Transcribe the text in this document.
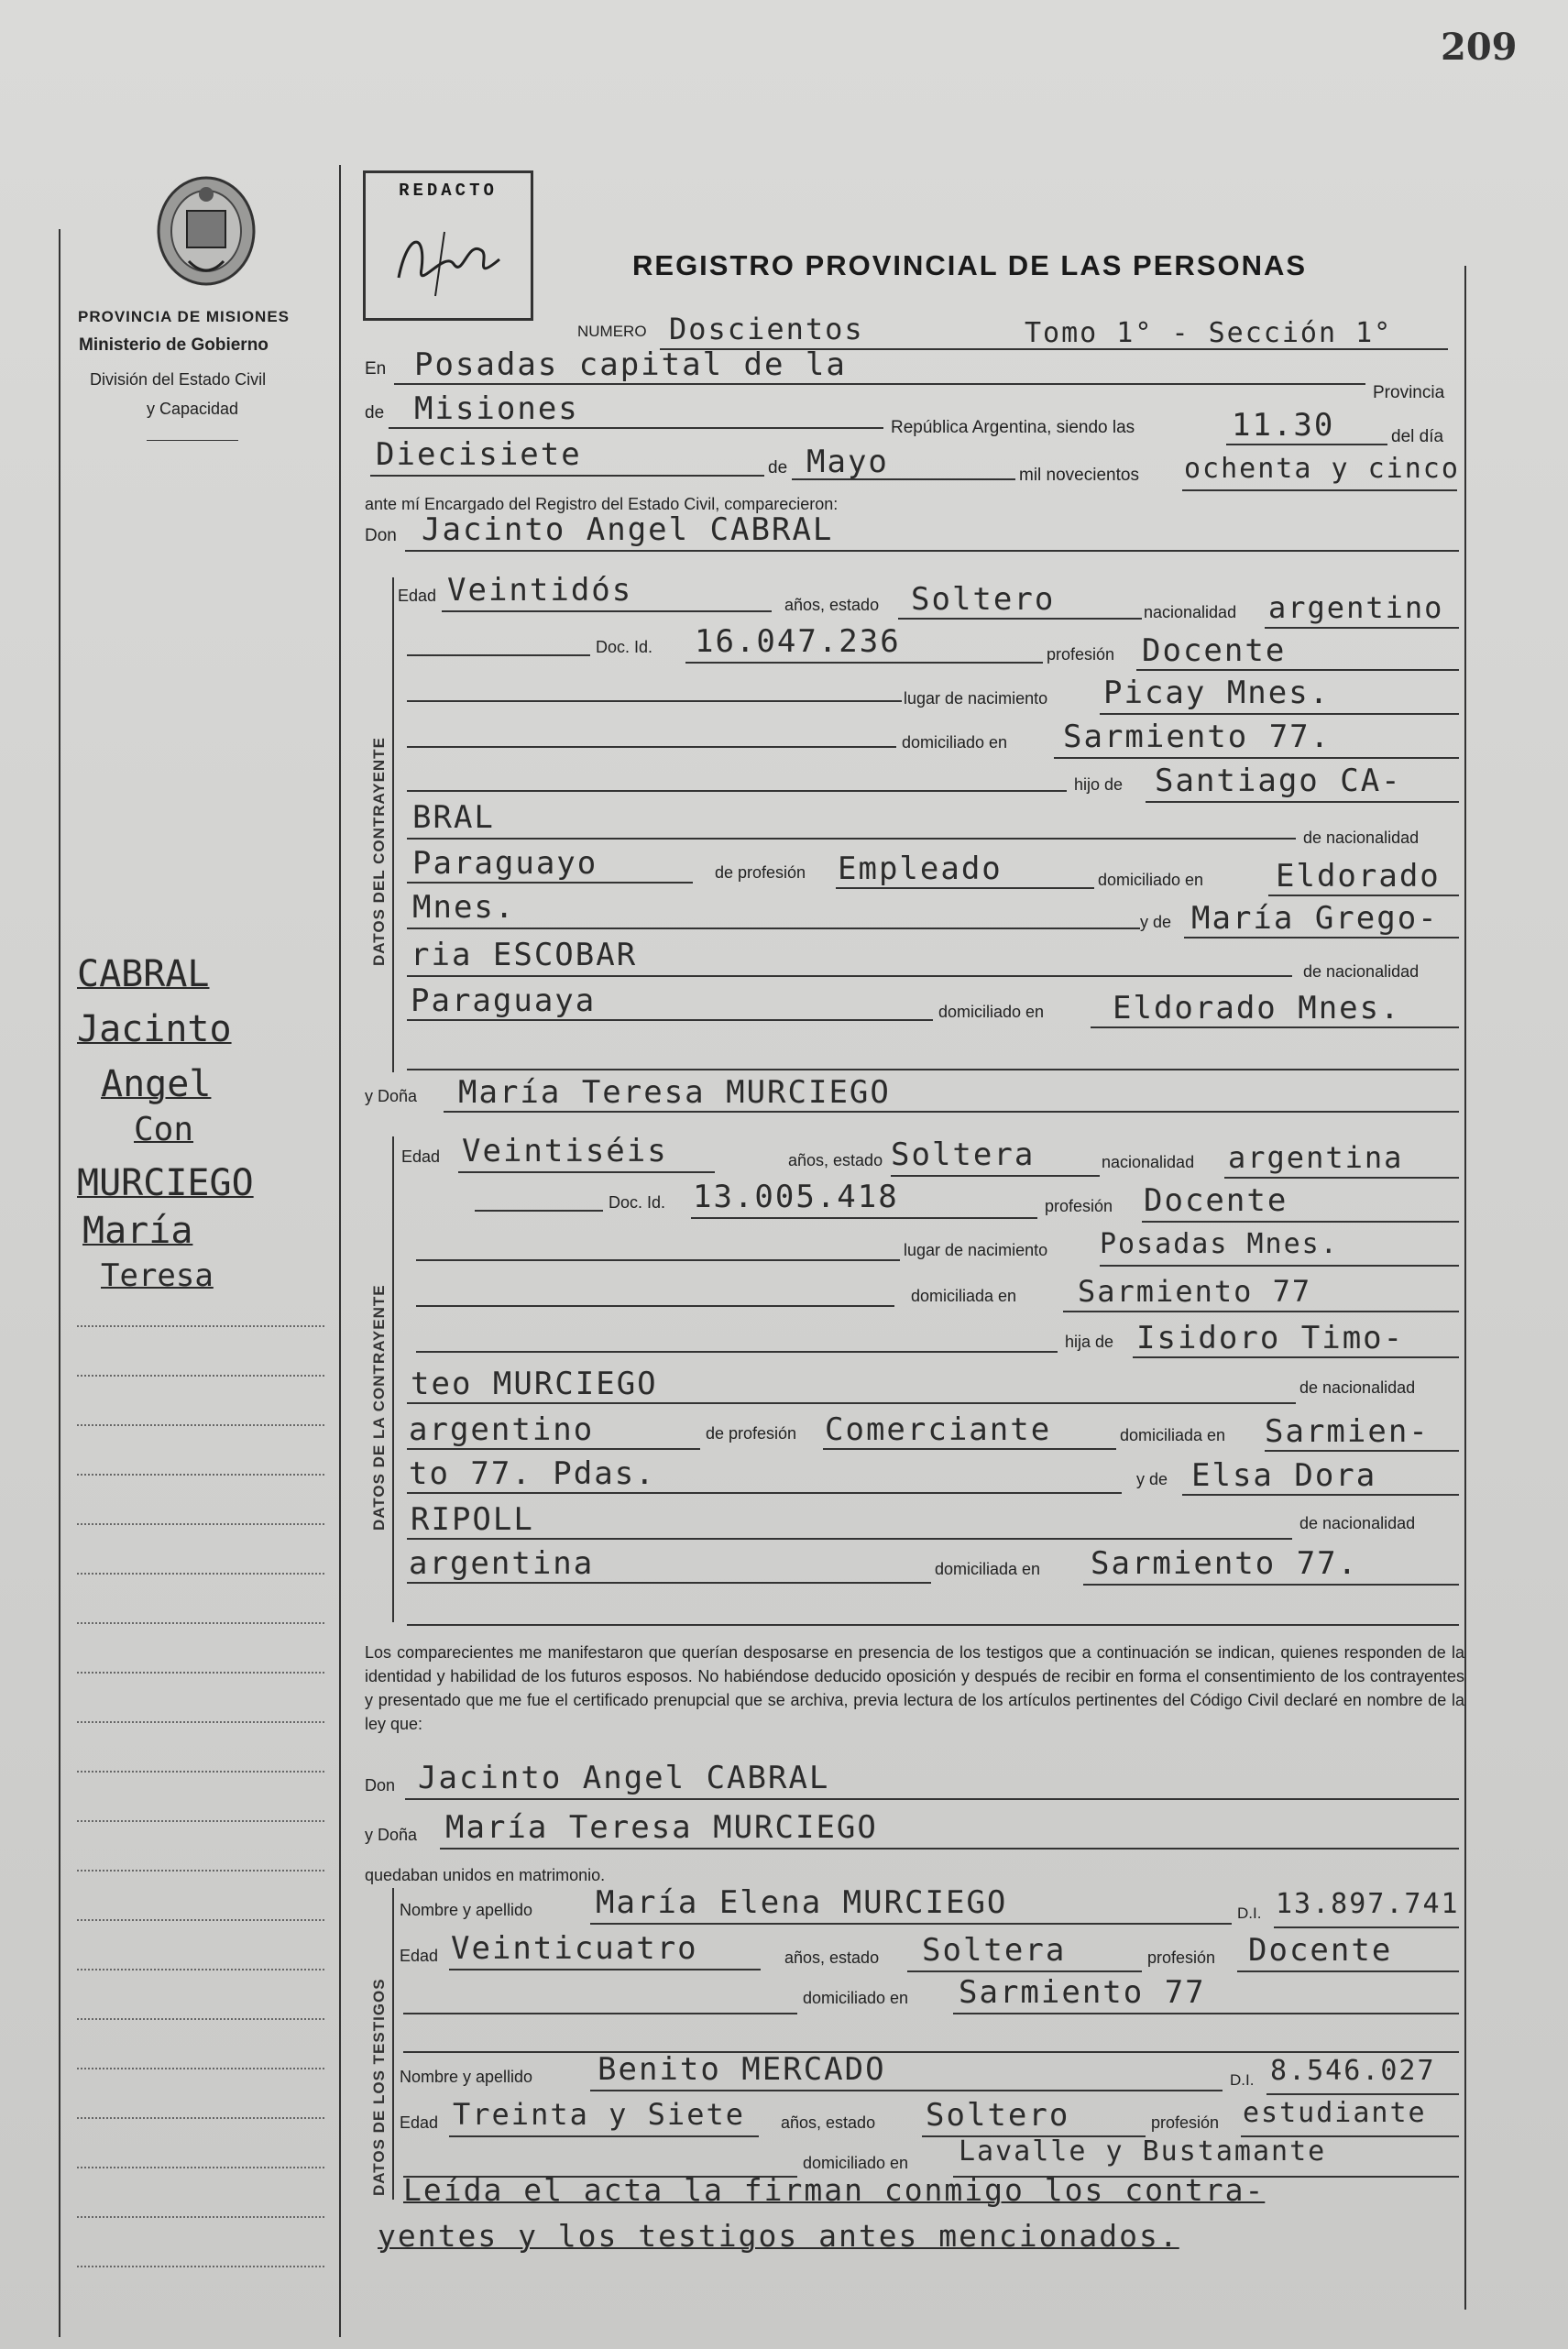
209
PROVINCIA DE MISIONES
Ministerio de Gobierno
División del Estado Civil
y Capacidad
REDACTO
REGISTRO PROVINCIAL DE LAS PERSONAS
NUMERO Doscientos	Tomo 1° - Sección 1°
En Posadas capital de la
Provincia
de Misiones
República Argentina, siendo las	11.30	del día
Diecisiete	de Mayo	mil novecientos ochenta y cinco
ante mí Encargado del Registro del Estado Civil, comparecieron:
Don Jacinto Angel CABRAL
DATOS DEL CONTRAYENTE
Edad Veintidós	años, estado Soltero	nacionalidad argentino
Doc. Id. 16.047.236	profesión Docente
lugar de nacimiento Picay Mnes.
domiciliado en Sarmiento 77.
hijo de Santiago CA-
BRAL
de nacionalidad
Paraguayo	de profesión Empleado	domiciliado en Eldorado
Mnes.	y de María Grego-
ria ESCOBAR	de nacionalidad
Paraguaya	domiciliado en Eldorado Mnes.
y Doña María Teresa MURCIEGO
DATOS DE LA CONTRAYENTE
Edad Veintiséis	años, estado Soltera	nacionalidad argentina
Doc. Id. 13.005.418	profesión Docente
lugar de nacimiento Posadas Mnes.
domiciliada en Sarmiento 77
hija de Isidoro Timo-
teo MURCIEGO	de nacionalidad
argentino	de profesión Comerciante	domiciliada en Sarmien-
to 77. Pdas.	y de Elsa Dora
RIPOLL	de nacionalidad
argentina	domiciliada en Sarmiento 77.
Los comparecientes me manifestaron que querían desposarse en presencia de los testigos que a continuación se indican, quienes responden de la identidad y habilidad de los futuros esposos. No habiéndose deducido oposición y después de recibir en forma el consentimiento de los contrayentes y presentado que me fue el certificado prenupcial que se archiva, previa lectura de los artículos pertinentes del Código Civil declaré en nombre de la ley que:
Don Jacinto Angel CABRAL
y Doña María Teresa MURCIEGO
quedaban unidos en matrimonio.
DATOS DE LOS TESTIGOS
Nombre y apellido María Elena MURCIEGO	D.I. 13.897.741
Edad Veinticuatro	años, estado Soltera	profesión Docente
domiciliado en Sarmiento 77
Nombre y apellido Benito MERCADO	D.I. 8.546.027
Edad Treinta y Siete años, estado Soltero	profesión estudiante
domiciliado en Lavalle y Bustamante
Leída el acta la firman conmigo los contra-
yentes y los testigos antes mencionados.
CABRAL
Jacinto
Angel
Con
MURCIEGO
María
Teresa
